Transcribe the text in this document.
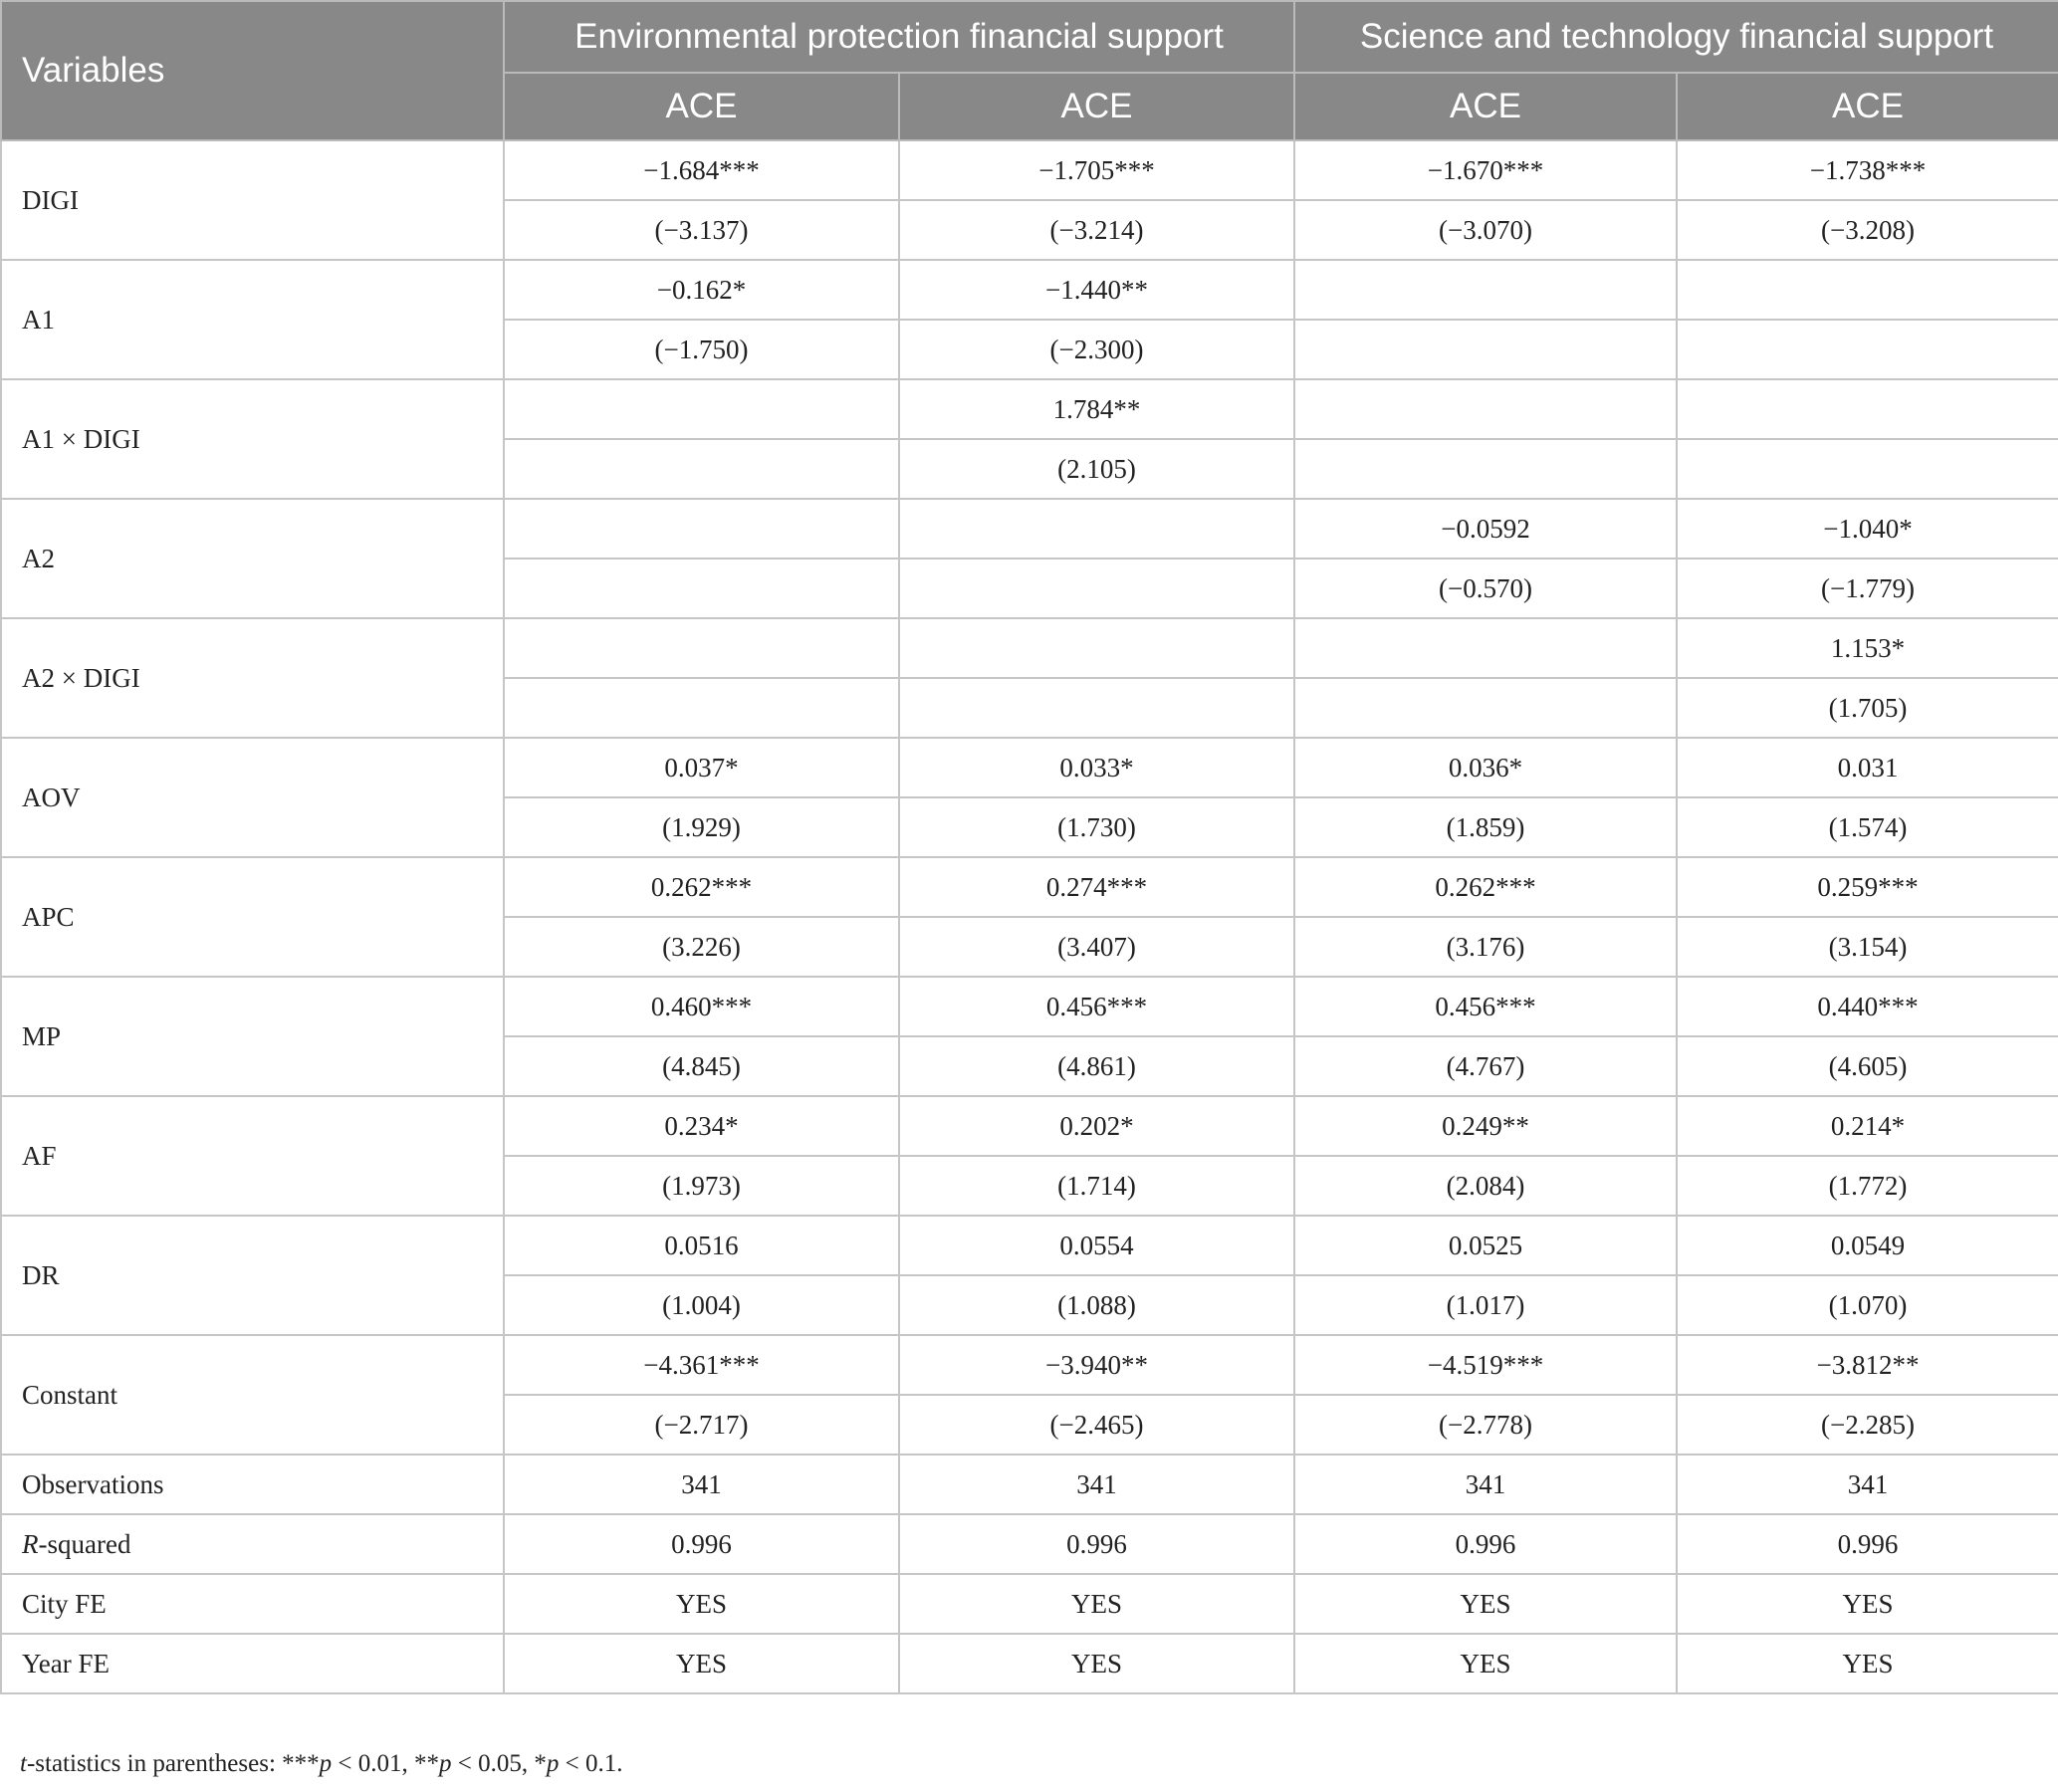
Variables	Environmental protection financial support		Science and technology financial support	
	ACE	ACE	ACE	ACE
DIGI	−1.684***	−1.705***	−1.670***	−1.738***
	(−3.137)	(−3.214)	(−3.070)	(−3.208)
A1	−0.162*	−1.440**		
	(−1.750)	(−2.300)		
A1 × DIGI		1.784**		
		(2.105)		
A2			−0.0592	−1.040*
			(−0.570)	(−1.779)
A2 × DIGI				1.153*
				(1.705)
AOV	0.037*	0.033*	0.036*	0.031
	(1.929)	(1.730)	(1.859)	(1.574)
APC	0.262***	0.274***	0.262***	0.259***
	(3.226)	(3.407)	(3.176)	(3.154)
MP	0.460***	0.456***	0.456***	0.440***
	(4.845)	(4.861)	(4.767)	(4.605)
AF	0.234*	0.202*	0.249**	0.214*
	(1.973)	(1.714)	(2.084)	(1.772)
DR	0.0516	0.0554	0.0525	0.0549
	(1.004)	(1.088)	(1.017)	(1.070)
Constant	−4.361***	−3.940**	−4.519***	−3.812**
	(−2.717)	(−2.465)	(−2.778)	(−2.285)
Observations	341	341	341	341
R-squared	0.996	0.996	0.996	0.996
City FE	YES	YES	YES	YES
Year FE	YES	YES	YES	YES
t-statistics in parentheses: ***p < 0.01, **p < 0.05, *p < 0.1.
